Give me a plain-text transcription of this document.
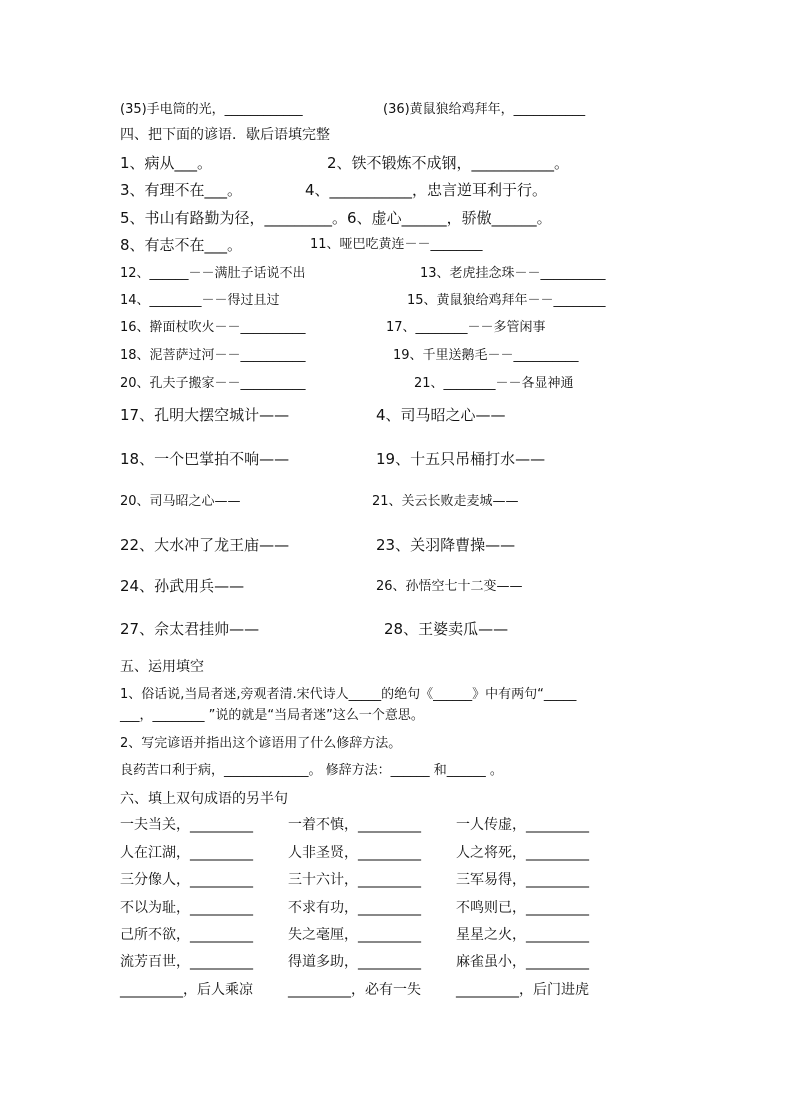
(35)手电筒的光，____________	(36)黄鼠狼给鸡拜年，___________
四、把下面的谚语．歇后语填完整
1、病从___。	2、铁不锻炼不成钢，___________。
3、有理不在___。	4、___________，忠言逆耳利于行。
5、书山有路勤为径，_________。6、虚心______，骄傲______。
8、有志不在___。	11、哑巴吃黄连－－________
12、______－－满肚子话说不出	13、老虎挂念珠－－__________
14、________－－得过且过	15、黄鼠狼给鸡拜年－－________
16、擀面杖吹火－－__________	17、________－－多管闲事
18、泥菩萨过河－－__________	19、千里送鹅毛－－__________
20、孔夫子搬家－－__________	21、________－－各显神通
17、孔明大摆空城计——	4、司马昭之心——
18、一个巴掌拍不响——	19、十五只吊桶打水——
20、司马昭之心——	21、关云长败走麦城——
22、大水冲了龙王庙——	23、关羽降曹操——
24、孙武用兵——	26、孙悟空七十二变——
27、佘太君挂帅——	28、王婆卖瓜——
五、运用填空
1、俗话说,当局者迷,旁观者清.宋代诗人_____的绝句《______》中有两句“_____
___，________ ”说的就是“当局者迷”这么一个意思。
2、写完谚语并指出这个谚语用了什么修辞方法。
良药苦口利于病，_____________。 修辞方法：______ 和______ 。
六、填上双句成语的另半句
一夫当关，_________	一着不慎，_________	一人传虚，_________
人在江湖，_________	人非圣贤，_________	人之将死，_________
三分像人，_________	三十六计，_________	三军易得，_________
不以为耻，_________	不求有功，_________	不鸣则已，_________
己所不欲，_________	失之毫厘，_________	星星之火，_________
流芳百世，_________	得道多助，_________	麻雀虽小，_________
_________，后人乘凉	_________，必有一失	_________，后门进虎
